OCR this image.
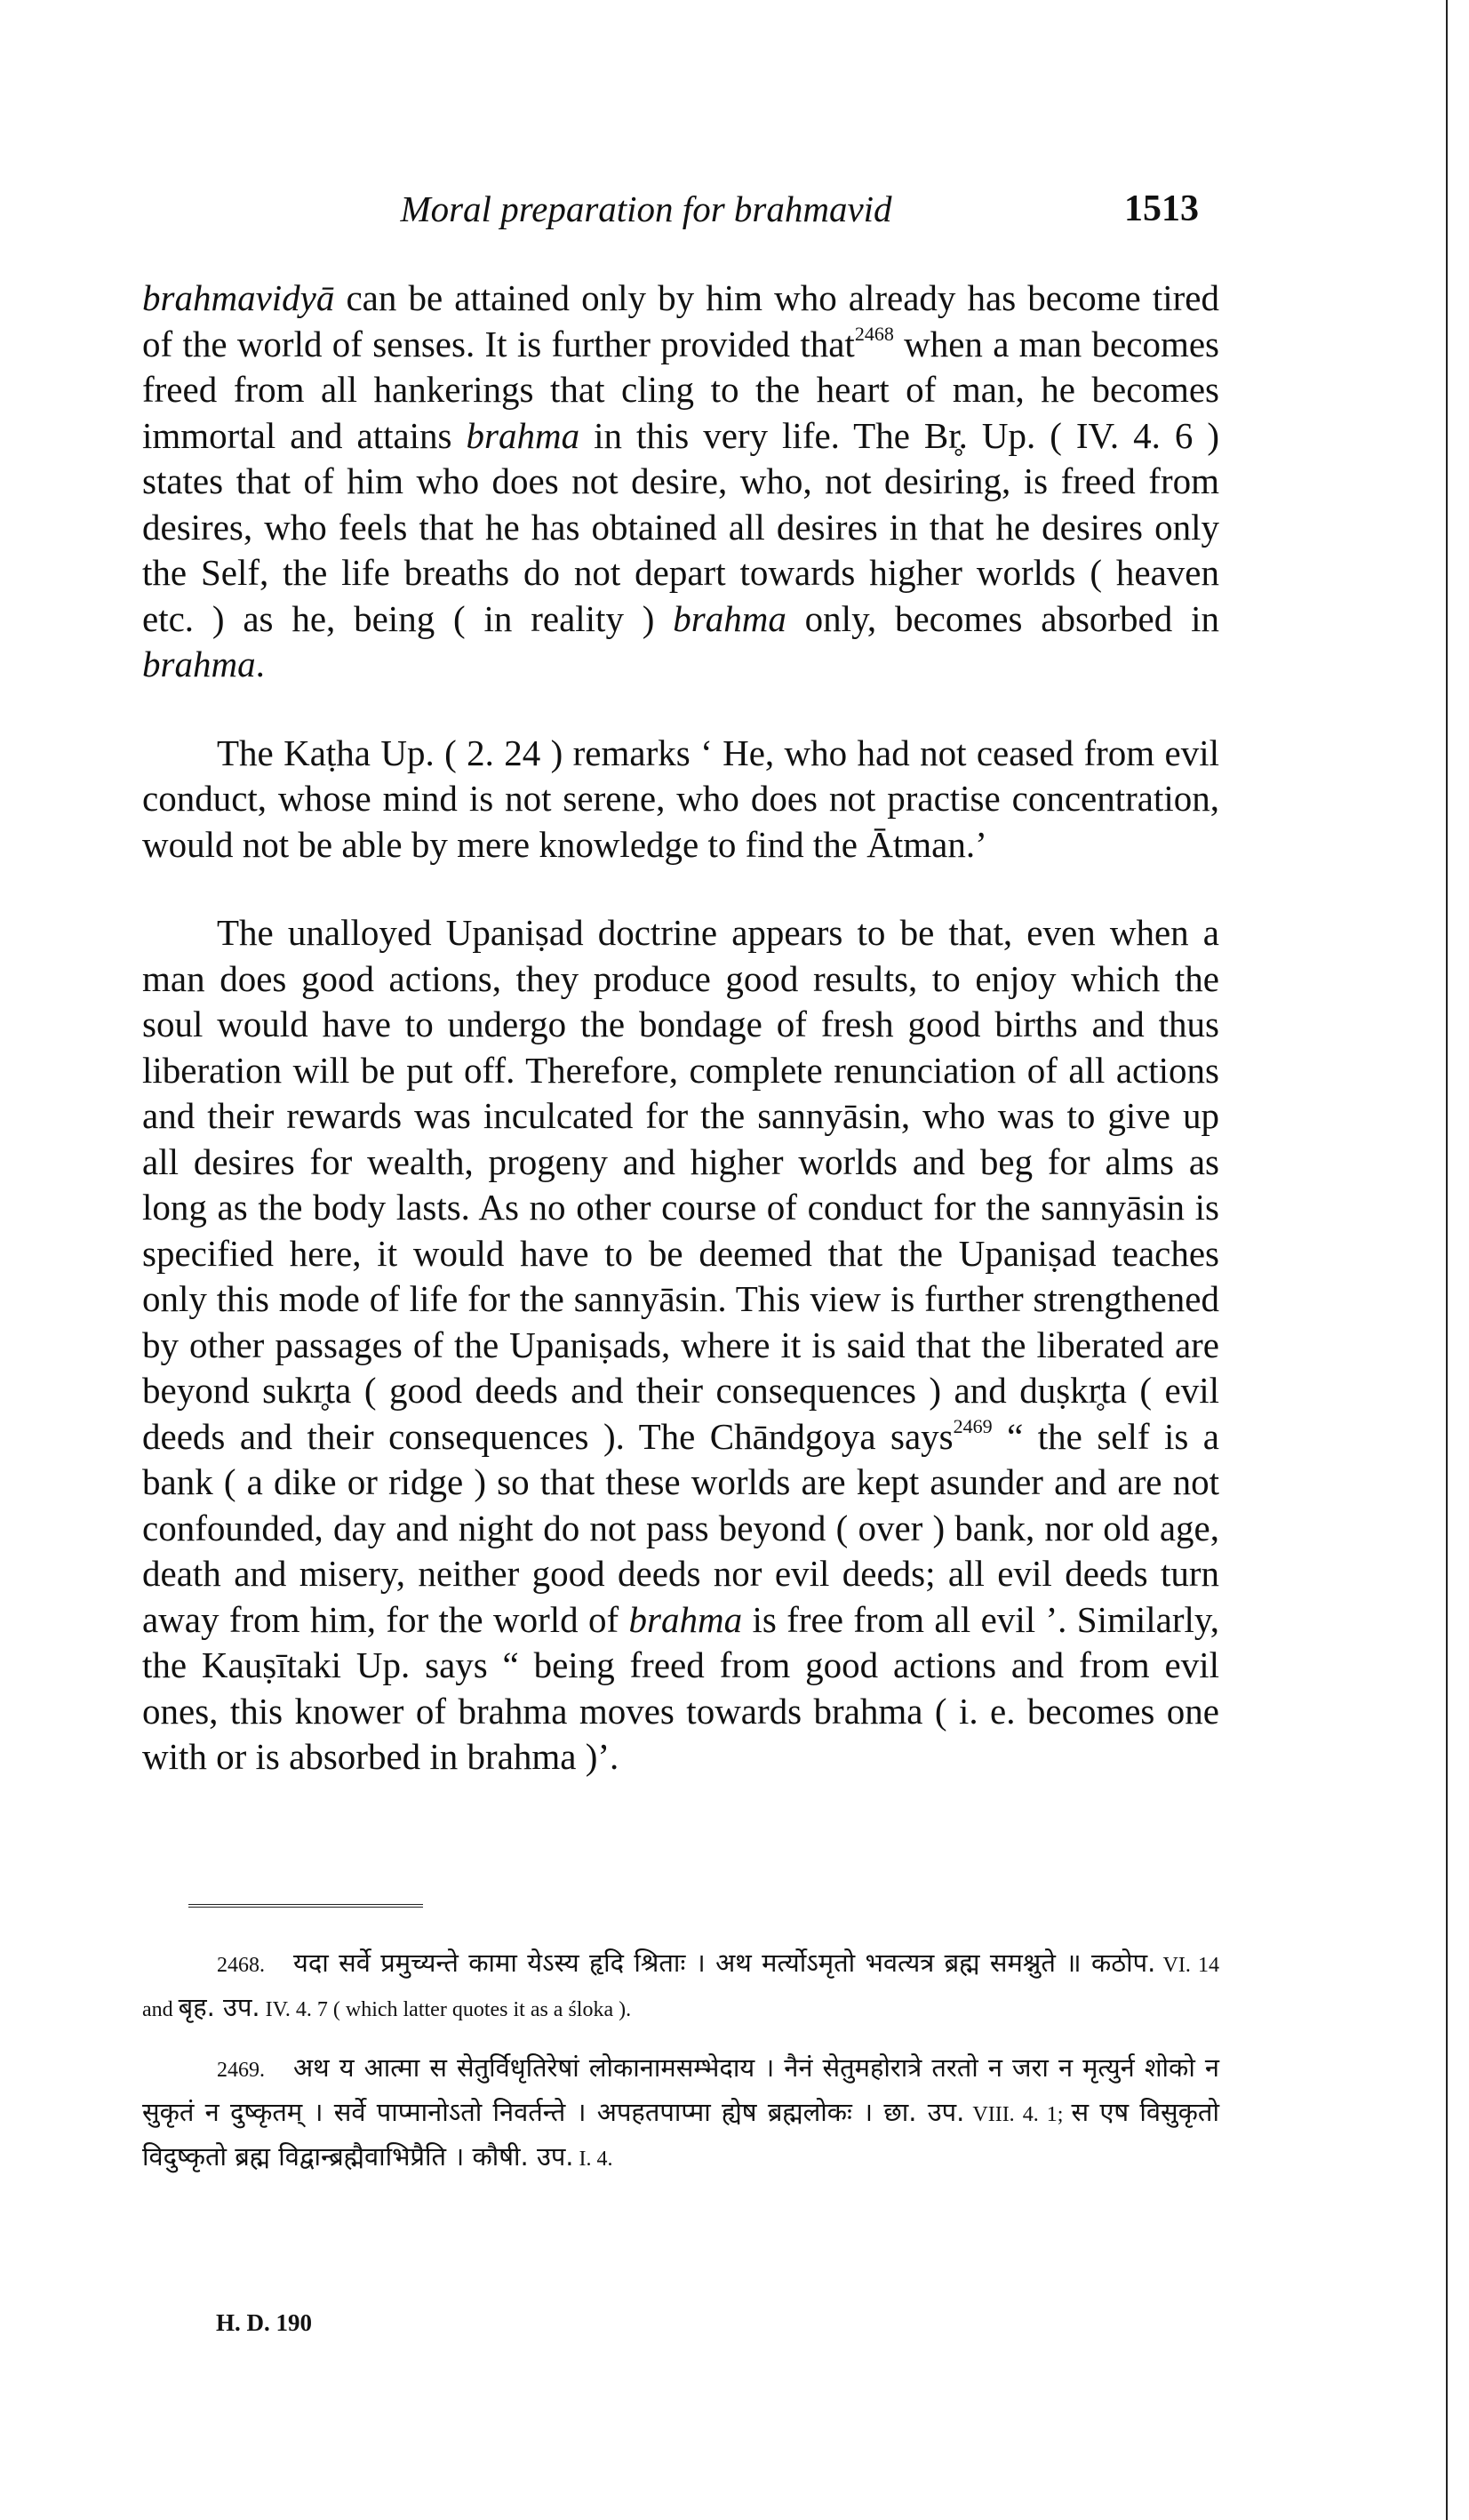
Moral preparation for brahmavid	1513

brahmavidyā can be attained only by him who already has become tired of the world of senses. It is further provided that$^{2468}$ when a man becomes freed from all hankerings that cling to the heart of man, he becomes immortal and attains brahma in this very life. The Br̥. Up. ( IV. 4. 6 ) states that of him who does not desire, who, not desiring, is freed from desires, who feels that he has obtained all desires in that he desires only the Self, the life breaths do not depart towards higher worlds ( heaven etc. ) as he, being ( in reality ) brahma only, becomes absorbed in brahma.

The Kaṭha Up. ( 2. 24 ) remarks ‘ He, who had not ceased from evil conduct, whose mind is not serene, who does not practise concentration, would not be able by mere knowledge to find the Ātman.’

The unalloyed Upaniṣad doctrine appears to be that, even when a man does good actions, they produce good results, to enjoy which the soul would have to undergo the bondage of fresh good births and thus liberation will be put off. Therefore, complete renunciation of all actions and their rewards was inculcated for the sannyāsin, who was to give up all desires for wealth, progeny and higher worlds and beg for alms as long as the body lasts. As no other course of conduct for the sannyāsin is specified here, it would have to be deemed that the Upaniṣad teaches only this mode of life for the sannyāsin. This view is further strengthened by other passages of the Upaniṣads, where it is said that the liberated are beyond sukr̥ta ( good deeds and their consequences ) and duṣkr̥ta ( evil deeds and their consequences ). The Chāndgoya says$^{2469}$ “ the self is a bank ( a dike or ridge ) so that these worlds are kept asunder and are not confounded, day and night do not pass beyond ( over ) bank, nor old age, death and misery, neither good deeds nor evil deeds; all evil deeds turn away from him, for the world of brahma is free from all evil ’. Similarly, the Kauṣītaki Up. says “ being freed from good actions and from evil ones, this knower of brahma moves towards brahma ( i. e. becomes one with or is absorbed in brahma )’.

2468. यदा सर्वे प्रमुच्यन्ते कामा येऽस्य हृदि श्रिताः । अथ मर्त्योऽमृतो भवत्यत्र ब्रह्म समश्नुते ॥ कठोप. VI. 14 and बृह. उप. IV. 4. 7 ( which latter quotes it as a śloka ).

2469. अथ य आत्मा स सेतुर्विधृतिरेषां लोकानामसम्भेदाय । नैनं सेतुमहोरात्रे तरतो न जरा न मृत्युर्न शोको न सुकृतं न दुष्कृतम् । सर्वे पाप्मानोऽतो निवर्तन्ते । अपहतपाप्मा ह्येष ब्रह्मलोकः । छा. उप. VIII. 4. 1; स एष विसुकृतो विदुष्कृतो ब्रह्म विद्वान्ब्रह्मैवाभिप्रैति । कौषी. उप. I. 4.

H. D. 190
